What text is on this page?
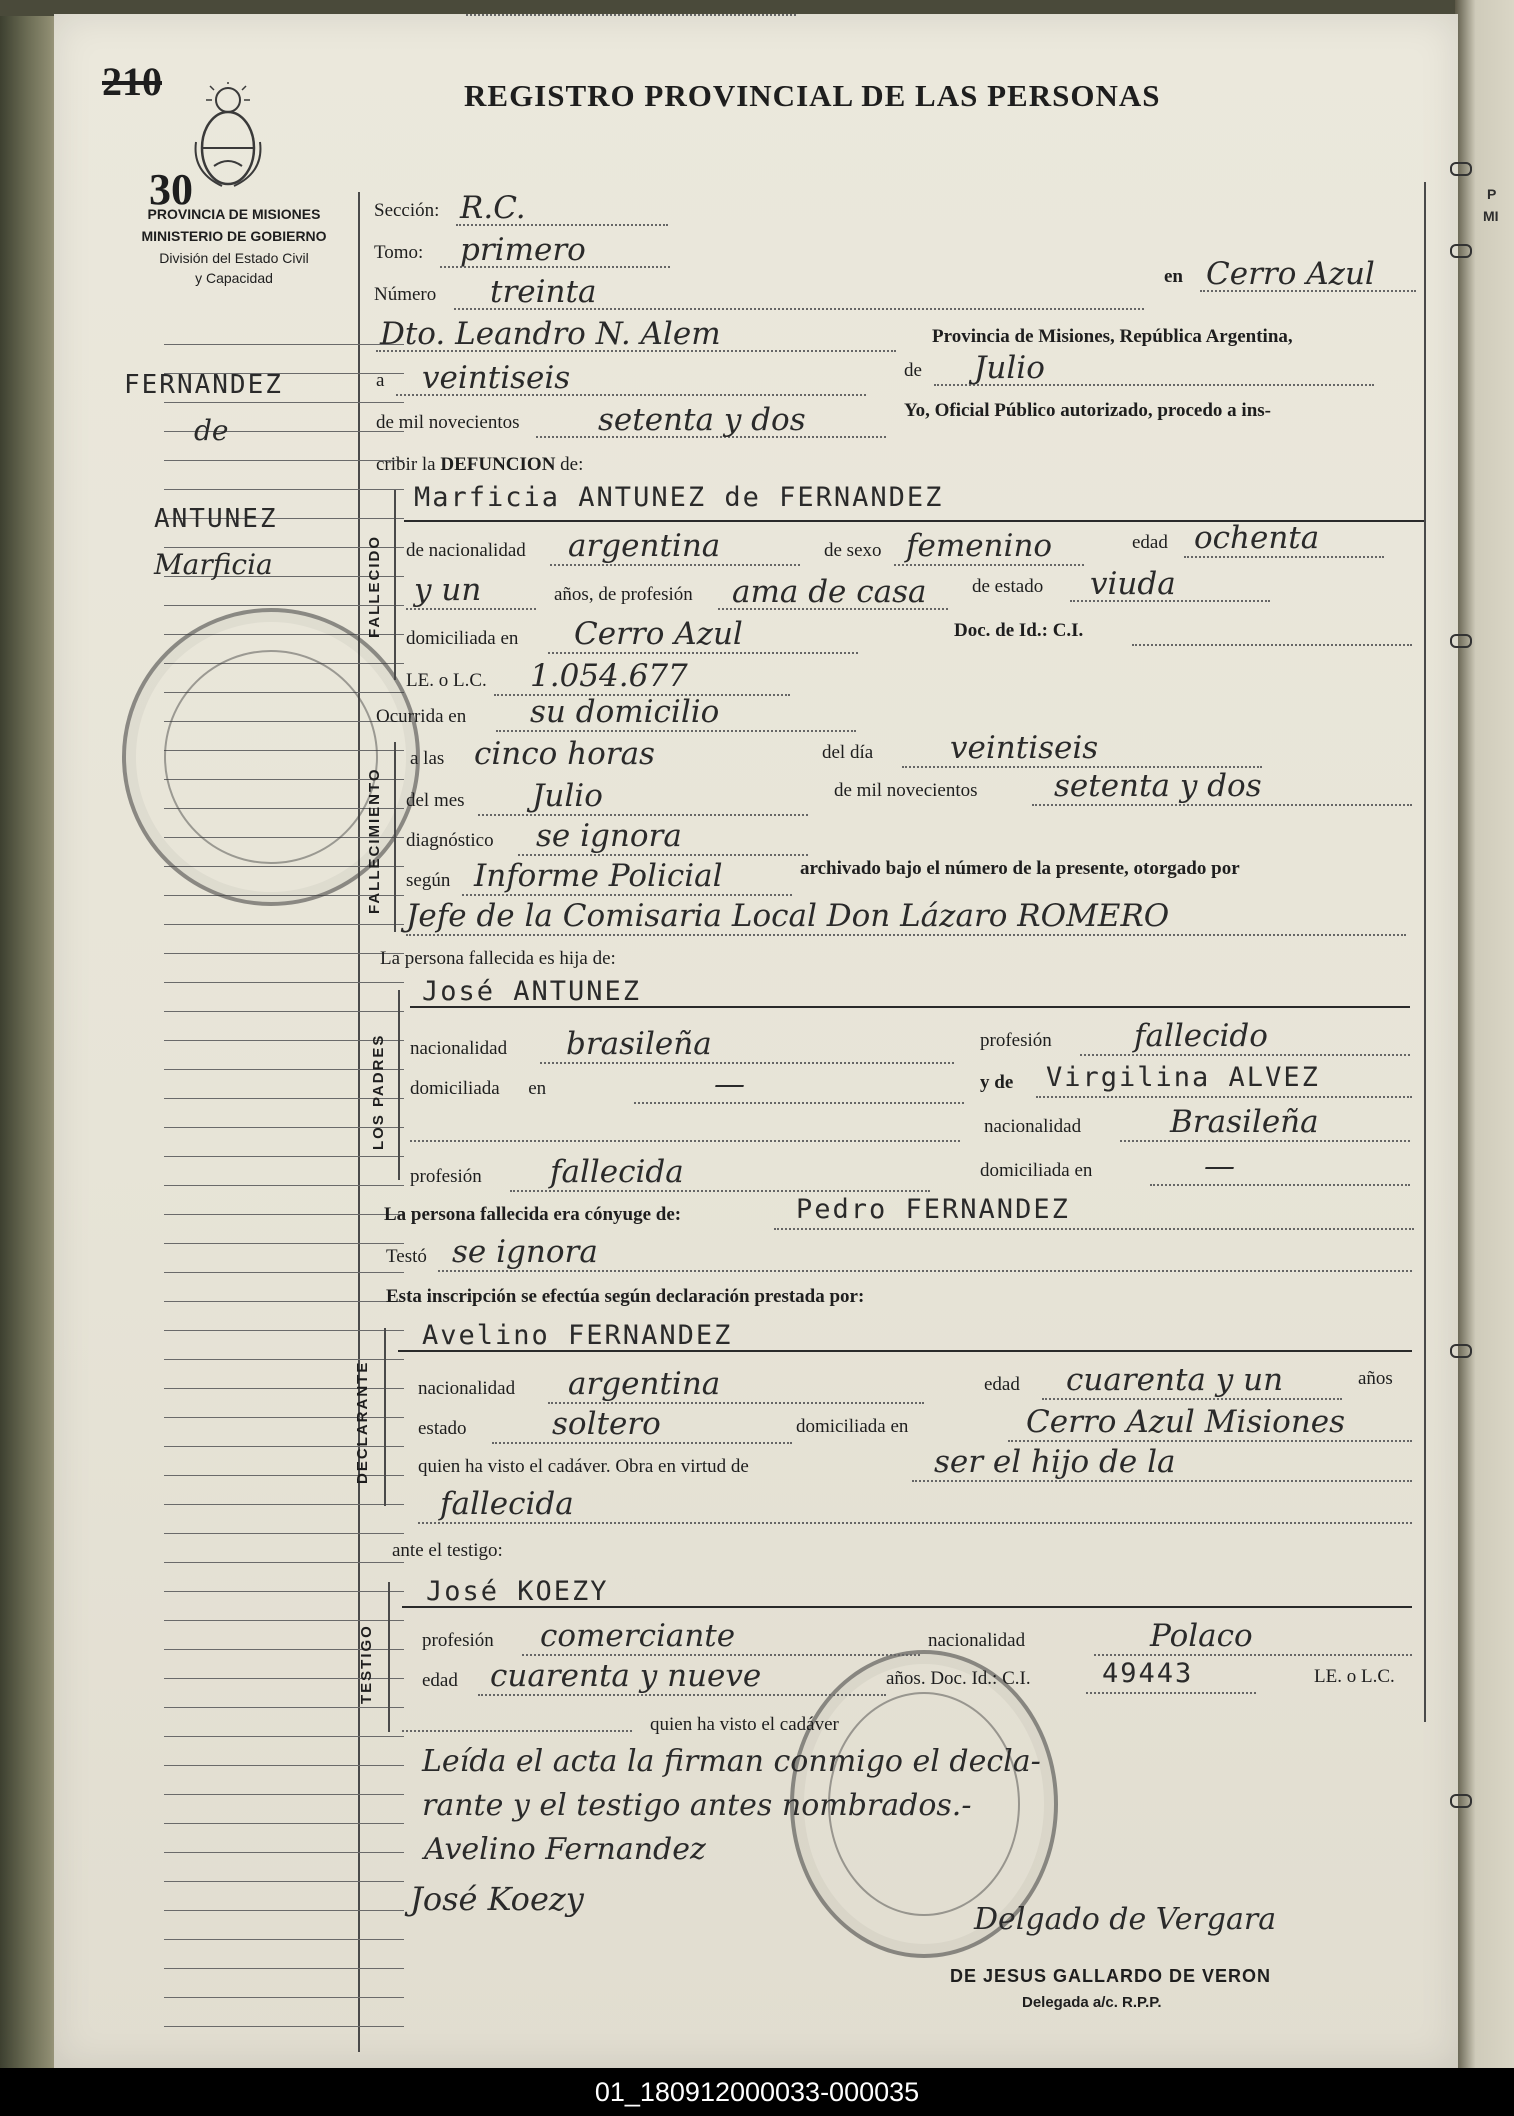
P
MI
210
30
REGISTRO PROVINCIAL DE LAS PERSONAS
PROVINCIA DE MISIONES
MINISTERIO DE GOBIERNO
División del Estado Civil
y Capacidad
FERNANDEZ
de
ANTUNEZ
Marficia
Sección: R.C.
Tomo: primero
Número treinta	en Cerro Azul
Dto. Leandro N. Alem	Provincia de Misiones, República Argentina,
a veintiseis	de Julio
de mil novecientos	setenta y dos	Yo, Oficial Público autorizado, procedo a ins-
cribir la DEFUNCION de:
FALLECIDO
Marficia ANTUNEZ de FERNANDEZ
de nacionalidad argentina	de sexo femenino	edad ochenta
y un	años, de profesión ama de casa de estado viuda
domiciliada en Cerro Azul	Doc. de Id.: C.I.
LE. o L.C. 1.054.677
Ocurrida en su domicilio
FALLECIMIENTO
a las cinco horas	del día veintiseis
del mes Julio	de mil novecientos setenta y dos
diagnóstico se ignora
según Informe Policial	archivado bajo el número de la presente, otorgado por
Jefe de la Comisaria Local Don Lázaro ROMERO
La persona fallecida es hija de:
LOS PADRES
José ANTUNEZ
nacionalidad brasileña	profesión	fallecido
domiciliada en	—	y de Virgilina ALVEZ
nacionalidad	Brasileña
profesión fallecida	domiciliada en	—
La persona fallecida era cónyuge de:	Pedro FERNANDEZ
Testó se ignora
Esta inscripción se efectúa según declaración prestada por:
DECLARANTE
Avelino FERNANDEZ
nacionalidad argentina	edad cuarenta y un	años
estado	soltero	domiciliada en	Cerro Azul Misiones
quien ha visto el cadáver. Obra en virtud de	ser el hijo de la
fallecida
ante el testigo:
TESTIGO
José KOEZY
profesión comerciante	nacionalidad	Polaco
edad cuarenta y nueve	años. Doc. Id.: C.I.	49443	LE. o L.C.
quien ha visto el cadáver
Leída el acta la firman conmigo el decla-
rante y el testigo antes nombrados.-
Avelino Fernandez
José Koezy
Delgado de Vergara
DE JESUS GALLARDO DE VERON
Delegada a/c. R.P.P.
01_180912000033-000035
